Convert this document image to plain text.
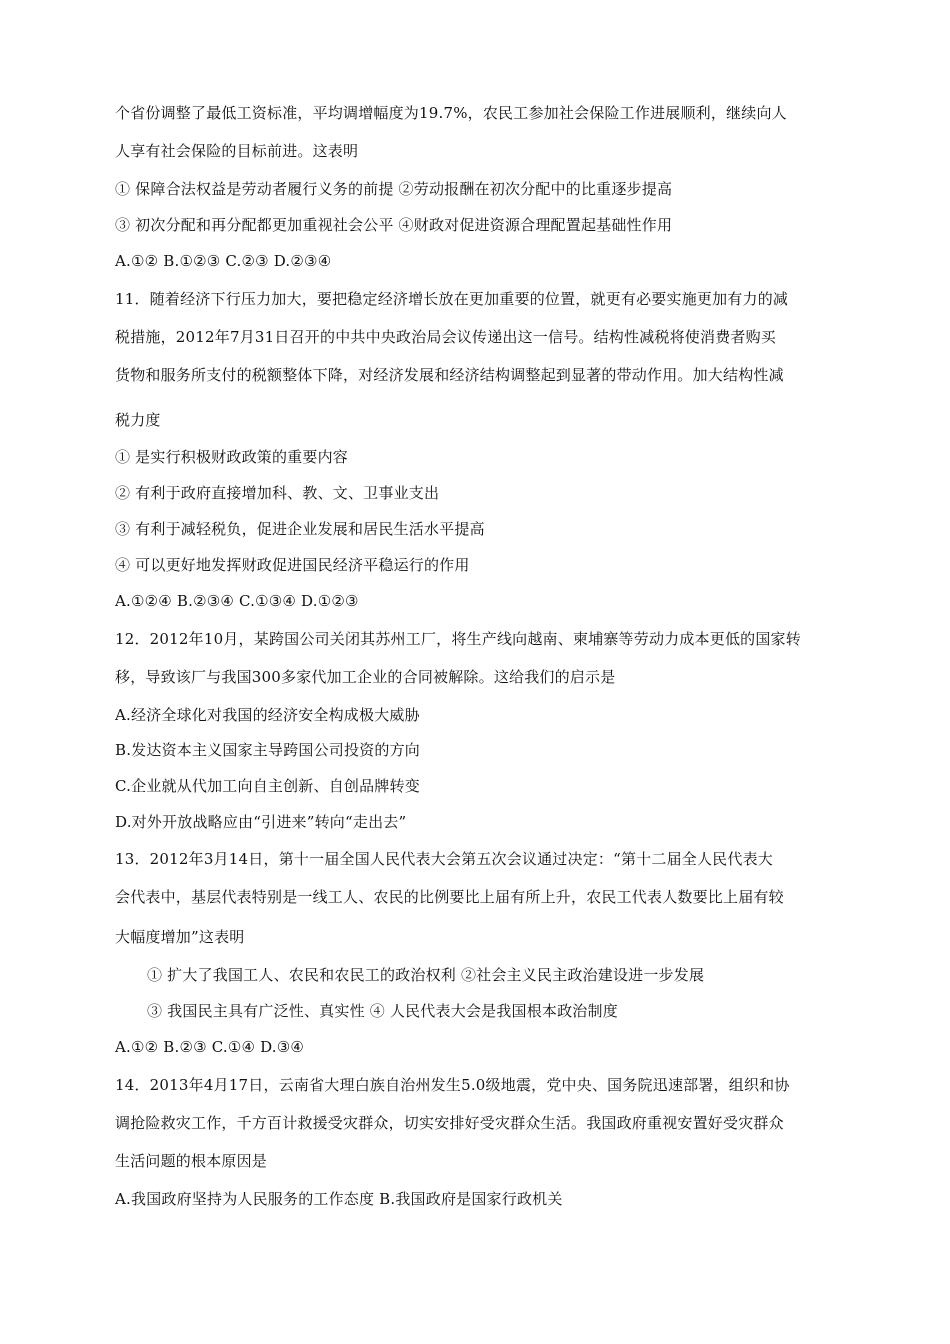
个省份调整了最低工资标准，平均调增幅度为19.7%，农民工参加社会保险工作进展顺利，继续向人
人享有社会保险的目标前进。这表明
① 保障合法权益是劳动者履行义务的前提 ②劳动报酬在初次分配中的比重逐步提高
③ 初次分配和再分配都更加重视社会公平 ④财政对促进资源合理配置起基础性作用
A.①② B.①②③ C.②③ D.②③④
11．随着经济下行压力加大，要把稳定经济增长放在更加重要的位置，就更有必要实施更加有力的减
税措施，2012年7月31日召开的中共中央政治局会议传递出这一信号。结构性减税将使消费者购买
货物和服务所支付的税额整体下降，对经济发展和经济结构调整起到显著的带动作用。加大结构性减
税力度
① 是实行积极财政政策的重要内容
② 有利于政府直接增加科、教、文、卫事业支出
③ 有利于减轻税负，促进企业发展和居民生活水平提高
④ 可以更好地发挥财政促进国民经济平稳运行的作用
A.①②④ B.②③④ C.①③④ D.①②③
12．2012年10月，某跨国公司关闭其苏州工厂，将生产线向越南、柬埔寨等劳动力成本更低的国家转
移，导致该厂与我国300多家代加工企业的合同被解除。这给我们的启示是
A.经济全球化对我国的经济安全构成极大威胁
B.发达资本主义国家主导跨国公司投资的方向
C.企业就从代加工向自主创新、自创品牌转变
D.对外开放战略应由“引进来”转向“走出去”
13．2012年3月14日，第十一届全国人民代表大会第五次会议通过决定：“第十二届全人民代表大
会代表中，基层代表特别是一线工人、农民的比例要比上届有所上升，农民工代表人数要比上届有较
大幅度增加”这表明
① 扩大了我国工人、农民和农民工的政治权利 ②社会主义民主政治建设进一步发展
③ 我国民主具有广泛性、真实性 ④ 人民代表大会是我国根本政治制度
A.①② B.②③ C.①④ D.③④
14．2013年4月17日，云南省大理白族自治州发生5.0级地震，党中央、国务院迅速部署，组织和协
调抢险救灾工作，千方百计救援受灾群众，切实安排好受灾群众生活。我国政府重视安置好受灾群众
生活问题的根本原因是
A.我国政府坚持为人民服务的工作态度 B.我国政府是国家行政机关
